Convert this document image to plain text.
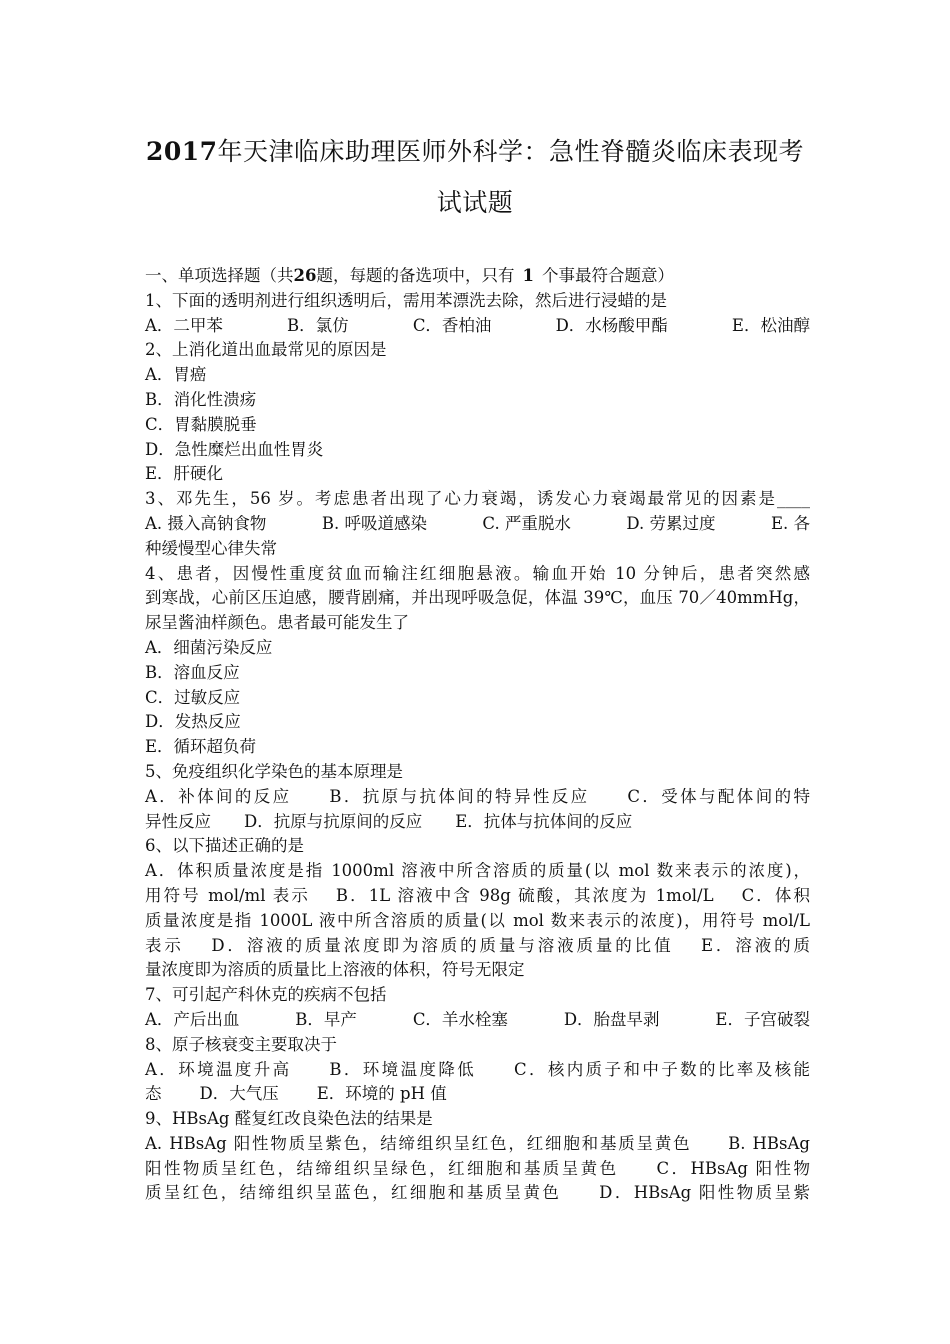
2017年天津临床助理医师外科学：急性脊髓炎临床表现考
试试题
一、单项选择题（共26题，每题的备选项中，只有 1 个事最符合题意）
1、下面的透明剂进行组织透明后，需用苯漂洗去除，然后进行浸蜡的是
A．二甲苯	B．氯仿	C．香柏油	D．水杨酸甲酯	E．松油醇
2、上消化道出血最常见的原因是
A．胃癌
B．消化性溃疡
C．胃黏膜脱垂
D．急性糜烂出血性胃炎
E．肝硬化
3、邓先生，56 岁。考虑患者出现了心力衰竭，诱发心力衰竭最常见的因素是____
A. 摄入高钠食物	B. 呼吸道感染	C. 严重脱水	D. 劳累过度	E. 各
种缓慢型心律失常
4、患者，因慢性重度贫血而输注红细胞悬液。输血开始 10 分钟后，患者突然感
到寒战，心前区压迫感，腰背剧痛，并出现呼吸急促，体温 39℃，血压 70／40mmHg，
尿呈酱油样颜色。患者最可能发生了
A．细菌污染反应
B．溶血反应
C．过敏反应
D．发热反应
E．循环超负荷
5、免疫组织化学染色的基本原理是
A．补体间的反应　　B．抗原与抗体间的特异性反应　　C．受体与配体间的特
异性反应　　D．抗原与抗原间的反应　　E．抗体与抗体间的反应
6、以下描述正确的是
A．体积质量浓度是指 1000ml 溶液中所含溶质的质量(以 mol 数来表示的浓度)，
用符号 mol/ml 表示　 B．1L 溶液中含 98g 硫酸，其浓度为 1mol/L　 C．体积
质量浓度是指 1000L 液中所含溶质的质量(以 mol 数来表示的浓度)，用符号 mol/L
表示　 D．溶液的质量浓度即为溶质的质量与溶液质量的比值　 E．溶液的质
量浓度即为溶质的质量比上溶液的体积，符号无限定
7、可引起产科休克的疾病不包括
A．产后出血	B．早产	C．羊水栓塞	D．胎盘早剥	E．子宫破裂
8、原子核衰变主要取决于
A．环境温度升高　　B．环境温度降低　　C．核内质子和中子数的比率及核能
态 D．大气压 E．环境的 pH 值
9、HBsAg 醛复红改良染色法的结果是
A. HBsAg 阳性物质呈紫色，结缔组织呈红色，红细胞和基质呈黄色　　B. HBsAg
阳性物质呈红色，结缔组织呈绿色，红细胞和基质呈黄色　　C．HBsAg 阳性物
质呈红色，结缔组织呈蓝色，红细胞和基质呈黄色　　D．HBsAg 阳性物质呈紫
